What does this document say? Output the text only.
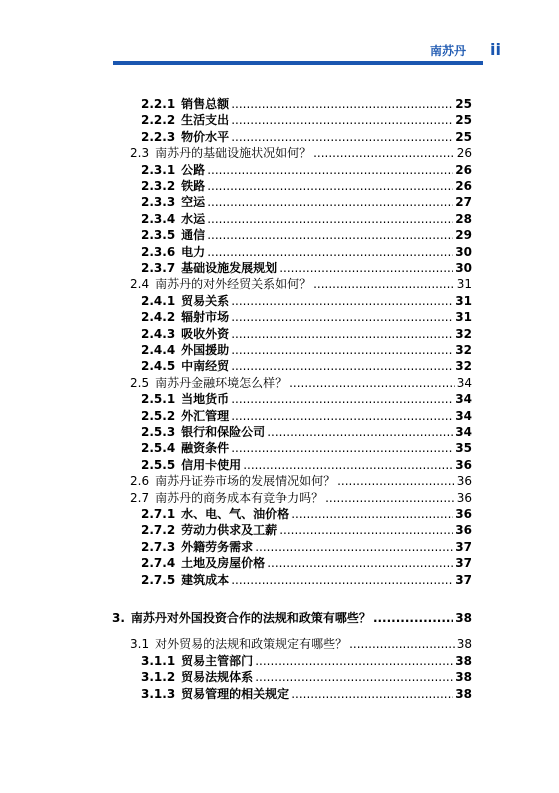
南苏丹 ii
2.2.1 销售总额 .....	25
2.2.2 生活支出 .....	25
2.2.3 物价水平 .....	25
2.3 南苏丹的基础设施状况如何？ .....	26
2.3.1 公路 .....	26
2.3.2 铁路 .....	26
2.3.3 空运 .....	27
2.3.4 水运 .....	28
2.3.5 通信 .....	29
2.3.6 电力 .....	30
2.3.7 基础设施发展规划 .....	30
2.4 南苏丹的对外经贸关系如何？ .....	31
2.4.1 贸易关系 .....	31
2.4.2 辐射市场 .....	31
2.4.3 吸收外资 .....	32
2.4.4 外国援助 .....	32
2.4.5 中南经贸 .....	32
2.5 南苏丹金融环境怎么样？ .....	34
2.5.1 当地货币 .....	34
2.5.2 外汇管理 .....	34
2.5.3 银行和保险公司 .....	34
2.5.4 融资条件 .....	35
2.5.5 信用卡使用 .....	36
2.6 南苏丹证券市场的发展情况如何？ .....	36
2.7 南苏丹的商务成本有竞争力吗？ .....	36
2.7.1 水、电、气、油价格 .....	36
2.7.2 劳动力供求及工薪 .....	36
2.7.3 外籍劳务需求 .....	37
2.7.4 土地及房屋价格 .....	37
2.7.5 建筑成本 .....	37
3. 南苏丹对外国投资合作的法规和政策有哪些？ .....	38
3.1 对外贸易的法规和政策规定有哪些？ .....	38
3.1.1 贸易主管部门 .....	38
3.1.2 贸易法规体系 .....	38
3.1.3 贸易管理的相关规定 .....	38
